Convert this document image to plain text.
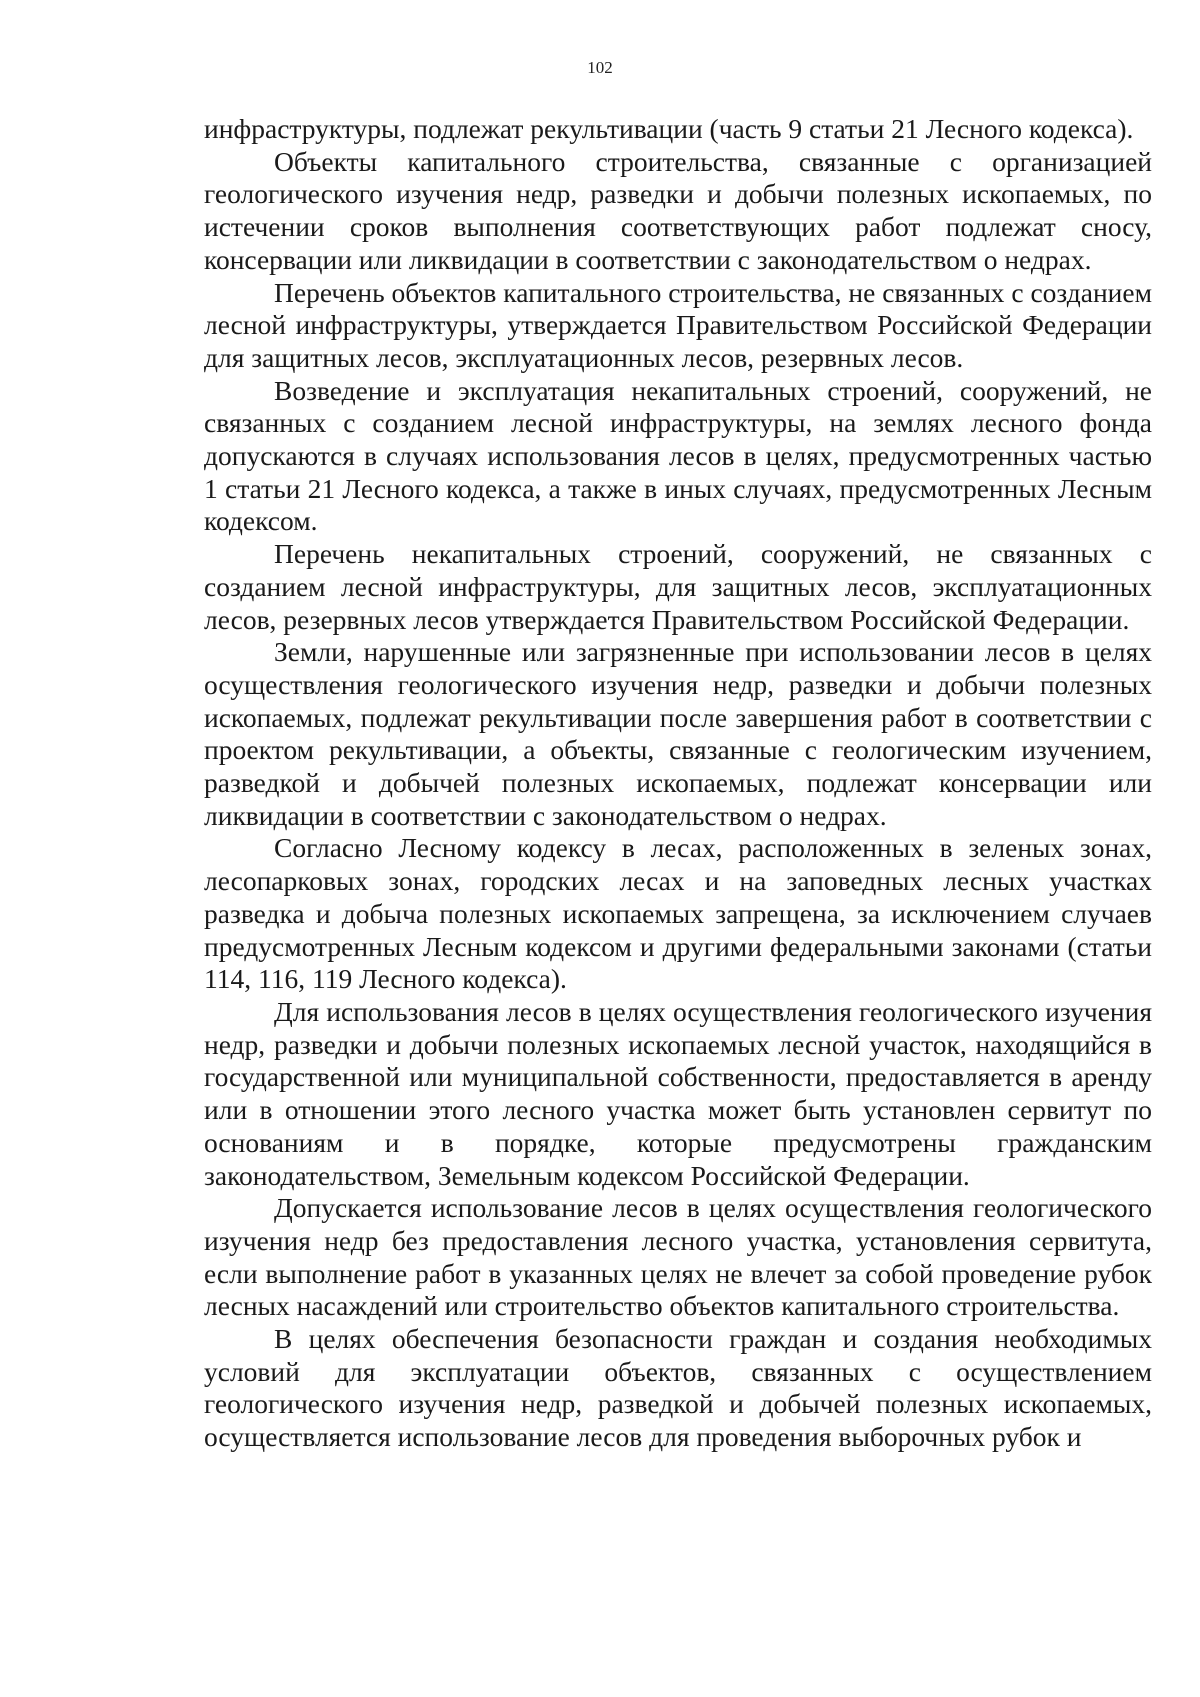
102

инфраструктуры, подлежат рекультивации (часть 9 статьи 21 Лесного кодекса).

Объекты капитального строительства, связанные с организацией геологического изучения недр, разведки и добычи полезных ископаемых, по истечении сроков выполнения соответствующих работ подлежат сносу, консервации или ликвидации в соответствии с законодательством о недрах.

Перечень объектов капитального строительства, не связанных с созданием лесной инфраструктуры, утверждается Правительством Российской Федерации для защитных лесов, эксплуатационных лесов, резервных лесов.

Возведение и эксплуатация некапитальных строений, сооружений, не связанных с созданием лесной инфраструктуры, на землях лесного фонда допускаются в случаях использования лесов в целях, предусмотренных частью 1 статьи 21 Лесного кодекса, а также в иных случаях, предусмотренных Лесным кодексом.

Перечень некапитальных строений, сооружений, не связанных с созданием лесной инфраструктуры, для защитных лесов, эксплуатационных лесов, резервных лесов утверждается Правительством Российской Федерации.

Земли, нарушенные или загрязненные при использовании лесов в целях осуществления геологического изучения недр, разведки и добычи полезных ископаемых, подлежат рекультивации после завершения работ в соответствии с проектом рекультивации, а объекты, связанные с геологическим изучением, разведкой и добычей полезных ископаемых, подлежат консервации или ликвидации в соответствии с законодательством о недрах.

Согласно Лесному кодексу в лесах, расположенных в зеленых зонах, лесопарковых зонах, городских лесах и на заповедных лесных участках разведка и добыча полезных ископаемых запрещена, за исключением случаев предусмотренных Лесным кодексом и другими федеральными законами (статьи 114, 116, 119 Лесного кодекса).

Для использования лесов в целях осуществления геологического изучения недр, разведки и добычи полезных ископаемых лесной участок, находящийся в государственной или муниципальной собственности, предоставляется в аренду или в отношении этого лесного участка может быть установлен сервитут по основаниям и в порядке, которые предусмотрены гражданским законодательством, Земельным кодексом Российской Федерации.

Допускается использование лесов в целях осуществления геологического изучения недр без предоставления лесного участка, установления сервитута, если выполнение работ в указанных целях не влечет за собой проведение рубок лесных насаждений или строительство объектов капитального строительства.

В целях обеспечения безопасности граждан и создания необходимых условий для эксплуатации объектов, связанных с осуществлением геологического изучения недр, разведкой и добычей полезных ископаемых, осуществляется использование лесов для проведения выборочных рубок и
